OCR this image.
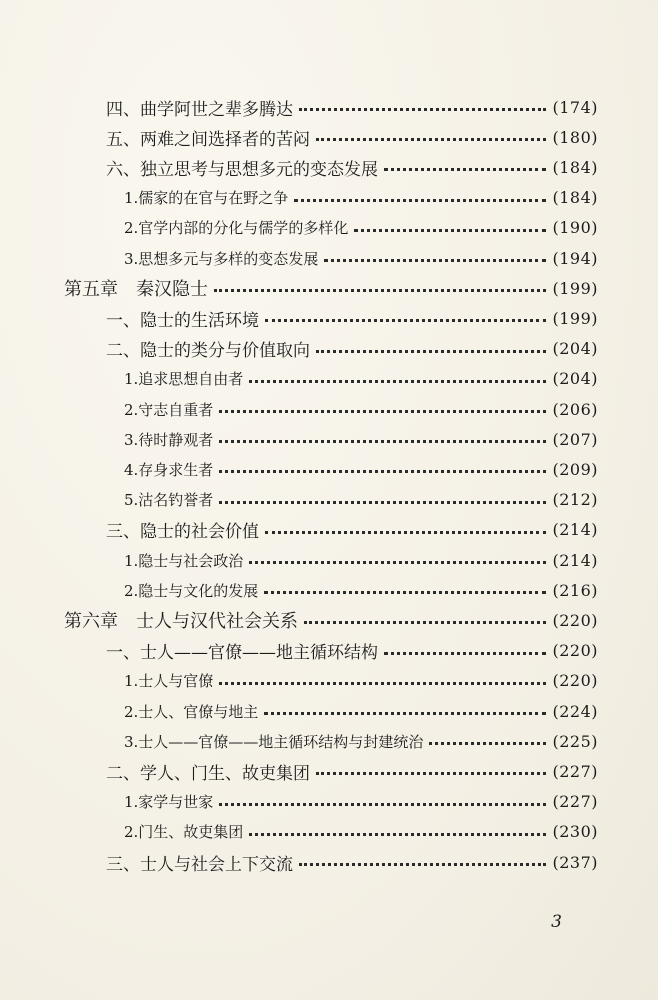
四、曲学阿世之辈多腾达	(174)
五、两难之间选择者的苦闷	(180)
六、独立思考与思想多元的变态发展	(184)
1.儒家的在官与在野之争	(184)
2.官学内部的分化与儒学的多样化	(190)
3.思想多元与多样的变态发展	(194)
第五章　秦汉隐士	(199)
一、隐士的生活环境	(199)
二、隐士的类分与价值取向	(204)
1.追求思想自由者	(204)
2.守志自重者	(206)
3.待时静观者	(207)
4.存身求生者	(209)
5.沽名钓誉者	(212)
三、隐士的社会价值	(214)
1.隐士与社会政治	(214)
2.隐士与文化的发展	(216)
第六章　士人与汉代社会关系	(220)
一、士人——官僚——地主循环结构	(220)
1.士人与官僚	(220)
2.士人、官僚与地主	(224)
3.士人——官僚——地主循环结构与封建统治	(225)
二、学人、门生、故吏集团	(227)
1.家学与世家	(227)
2.门生、故吏集团	(230)
三、士人与社会上下交流	(237)
3
